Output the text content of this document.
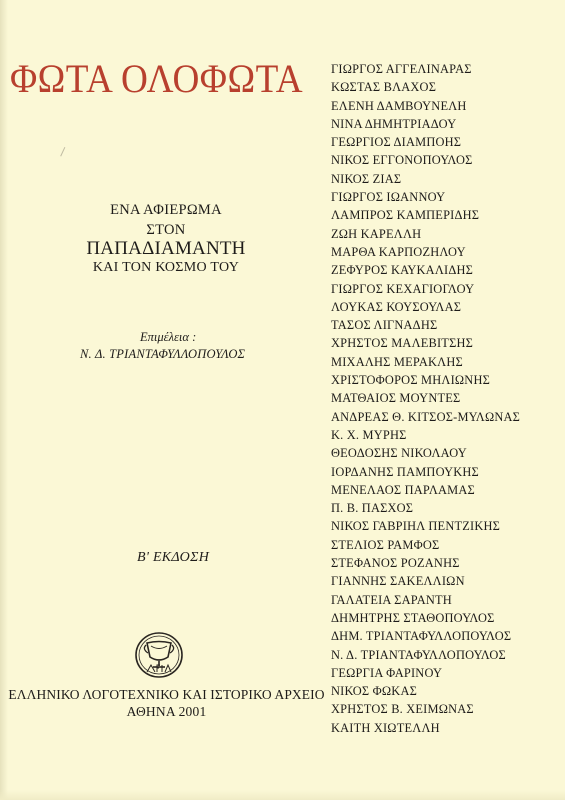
ΦΩΤΑ ΟΛΟΦΩΤΑ
ΕΝΑ ΑΦΙΕΡΩΜΑ
ΣΤΟΝ
ΠΑΠΑΔΙΑΜΑΝΤΗ
ΚΑΙ ΤΟΝ ΚΟΣΜΟ ΤΟΥ
Επιμέλεια :
Ν. Δ. ΤΡΙΑΝΤΑΦΥΛΛΟΠΟΥΛΟΣ
Β' ΕΚΔΟΣΗ
ΕΛΛΗΝΙΚΟ ΛΟΓΟΤΕΧΝΙΚΟ ΚΑΙ ΙΣΤΟΡΙΚΟ ΑΡΧΕΙΟ
ΑΘΗΝΑ 2001
ΓΙΩΡΓΟΣ ΑΓΓΕΛΙΝΑΡΑΣ
ΚΩΣΤΑΣ ΒΛΑΧΟΣ
ΕΛΕΝΗ ΔΑΜΒΟΥΝΕΛΗ
ΝΙΝΑ ΔΗΜΗΤΡΙΑΔΟΥ
ΓΕΩΡΓΙΟΣ ΔΙΑΜΠΟΗΣ
ΝΙΚΟΣ ΕΓΓΟΝΟΠΟΥΛΟΣ
ΝΙΚΟΣ ΖΙΑΣ
ΓΙΩΡΓΟΣ ΙΩΑΝΝΟΥ
ΛΑΜΠΡΟΣ ΚΑΜΠΕΡΙΔΗΣ
ΖΩΗ ΚΑΡΕΛΛΗ
ΜΑΡΘΑ ΚΑΡΠΟΖΗΛΟΥ
ΖΕΦΥΡΟΣ ΚΑΥΚΑΛΙΔΗΣ
ΓΙΩΡΓΟΣ ΚΕΧΑΓΙΟΓΛΟΥ
ΛΟΥΚΑΣ ΚΟΥΣΟΥΛΑΣ
ΤΑΣΟΣ ΛΙΓΝΑΔΗΣ
ΧΡΗΣΤΟΣ ΜΑΛΕΒΙΤΣΗΣ
ΜΙΧΑΛΗΣ ΜΕΡΑΚΛΗΣ
ΧΡΙΣΤΟΦΟΡΟΣ ΜΗΛΙΩΝΗΣ
ΜΑΤΘΑΙΟΣ ΜΟΥΝΤΕΣ
ΑΝΔΡΕΑΣ Θ. ΚΙΤΣΟΣ-ΜΥΛΩΝΑΣ
Κ. Χ. ΜΥΡΗΣ
ΘΕΟΔΟΣΗΣ ΝΙΚΟΛΑΟΥ
ΙΟΡΔΑΝΗΣ ΠΑΜΠΟΥΚΗΣ
ΜΕΝΕΛΑΟΣ ΠΑΡΛΑΜΑΣ
Π. Β. ΠΑΣΧΟΣ
ΝΙΚΟΣ ΓΑΒΡΙΗΛ ΠΕΝΤΖΙΚΗΣ
ΣΤΕΛΙΟΣ ΡΑΜΦΟΣ
ΣΤΕΦΑΝΟΣ ΡΟΖΑΝΗΣ
ΓΙΑΝΝΗΣ ΣΑΚΕΛΛΙΩΝ
ΓΑΛΑΤΕΙΑ ΣΑΡΑΝΤΗ
ΔΗΜΗΤΡΗΣ ΣΤΑΘΟΠΟΥΛΟΣ
ΔΗΜ. ΤΡΙΑΝΤΑΦΥΛΛΟΠΟΥΛΟΣ
Ν. Δ. ΤΡΙΑΝΤΑΦΥΛΛΟΠΟΥΛΟΣ
ΓΕΩΡΓΙΑ ΦΑΡΙΝΟΥ
ΝΙΚΟΣ ΦΩΚΑΣ
ΧΡΗΣΤΟΣ Β. ΧΕΙΜΩΝΑΣ
ΚΑΙΤΗ ΧΙΩΤΕΛΛΗ
